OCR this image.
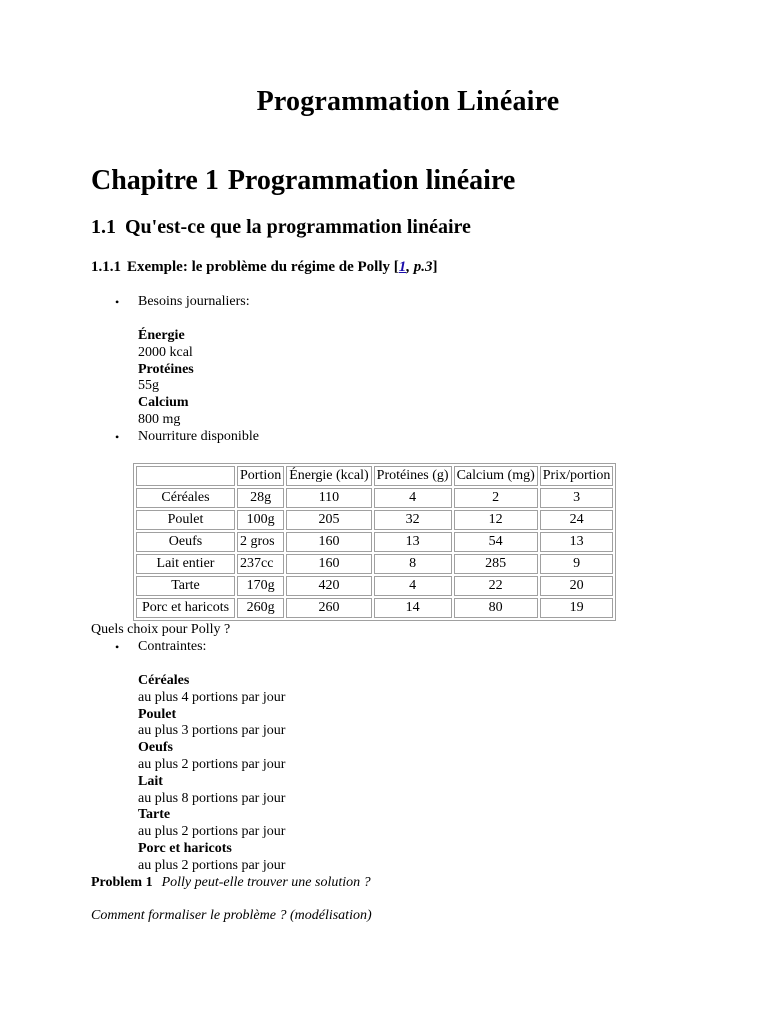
Programmation Linéaire
Chapitre 1 Programmation linéaire
1.1 Qu'est-ce que la programmation linéaire
1.1.1 Exemple: le problème du régime de Polly [1, p.3]
• Besoins journaliers:
Énergie
2000 kcal
Protéines
55g
Calcium
800 mg
• Nourriture disponible
	Portion	Énergie (kcal)	Protéines (g)	Calcium (mg)	Prix/portion
Céréales	28g	110	4	2	3
Poulet	100g	205	32	12	24
Oeufs	2 gros	160	13	54	13
Lait entier	237cc	160	8	285	9
Tarte	170g	420	4	22	20
Porc et haricots	260g	260	14	80	19
Quels choix pour Polly ?
• Contraintes:
Céréales
au plus 4 portions par jour
Poulet
au plus 3 portions par jour
Oeufs
au plus 2 portions par jour
Lait
au plus 8 portions par jour
Tarte
au plus 2 portions par jour
Porc et haricots
au plus 2 portions par jour
Problem 1 Polly peut-elle trouver une solution ?
Comment formaliser le problème ? (modélisation)
